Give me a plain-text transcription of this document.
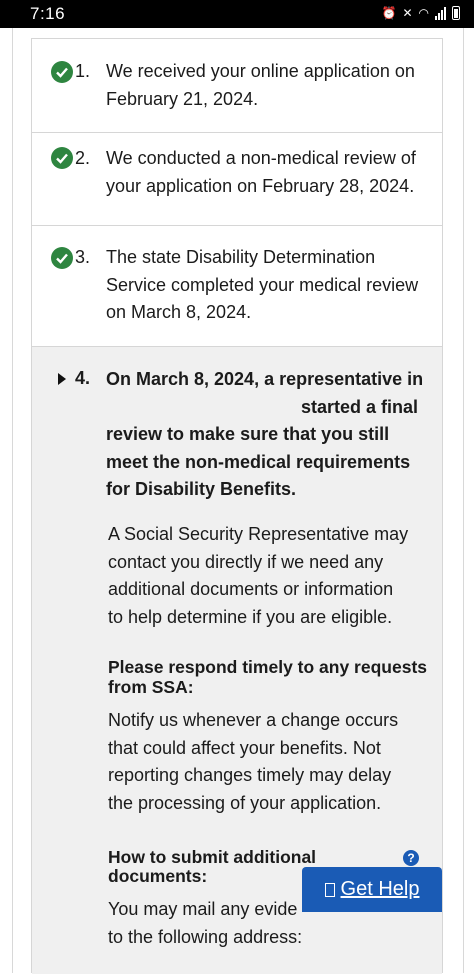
7:16	⏰ ✕ ◠
1. We received your online application on
February 21, 2024.
2. We conducted a non-medical review of
your application on February 28, 2024.
3. The state Disability Determination
Service completed your medical review
on March 8, 2024.
4. On March 8, 2024, a representative in
started a final
review to make sure that you still
meet the non-medical requirements
for Disability Benefits.
A Social Security Representative may
contact you directly if we need any
additional documents or information
to help determine if you are eligible.
Please respond timely to any requests
from SSA:
Notify us whenever a change occurs
that could affect your benefits. Not
reporting changes timely may delay
the processing of your application.
How to submit additional
documents:
You may mail any evide
to the following address:
?
Get Help
